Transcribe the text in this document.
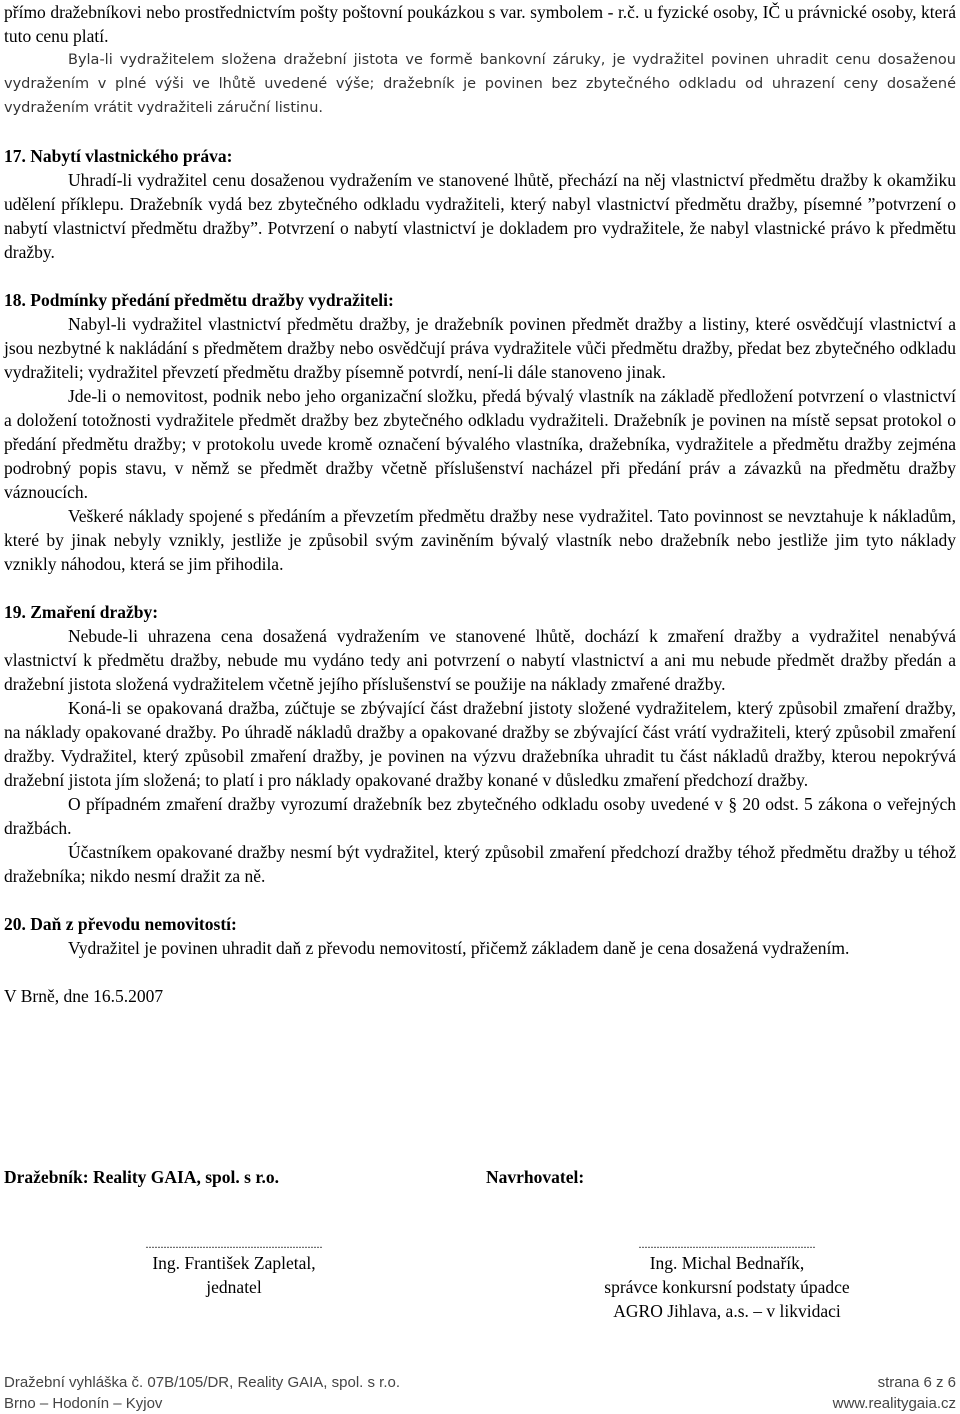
přímo dražebníkovi nebo prostřednictvím pošty poštovní poukázkou s var. symbolem - r.č. u fyzické osoby, IČ u právnické osoby, která tuto cenu platí.

Byla-li vydražitelem složena dražební jistota ve formě bankovní záruky, je vydražitel povinen uhradit cenu dosaženou vydražením v plné výši ve lhůtě uvedené výše; dražebník je povinen bez zbytečného odkladu od uhrazení ceny dosažené vydražením vrátit vydražiteli záruční listinu.

17. Nabytí vlastnického práva:

Uhradí-li vydražitel cenu dosaženou vydražením ve stanovené lhůtě, přechází na něj vlastnictví předmětu dražby k okamžiku udělení příklepu. Dražebník vydá bez zbytečného odkladu vydražiteli, který nabyl vlastnictví předmětu dražby, písemné ”potvrzení o nabytí vlastnictví předmětu dražby”. Potvrzení o nabytí vlastnictví je dokladem pro vydražitele, že nabyl vlastnické právo k předmětu dražby.

18. Podmínky předání předmětu dražby vydražiteli:

Nabyl-li vydražitel vlastnictví předmětu dražby, je dražebník povinen předmět dražby a listiny, které osvědčují vlastnictví a jsou nezbytné k nakládání s předmětem dražby nebo osvědčují práva vydražitele vůči předmětu dražby, předat bez zbytečného odkladu vydražiteli; vydražitel převzetí předmětu dražby písemně potvrdí, není-li dále stanoveno jinak.

Jde-li o nemovitost, podnik nebo jeho organizační složku, předá bývalý vlastník na základě předložení potvrzení o vlastnictví a doložení totožnosti vydražitele předmět dražby bez zbytečného odkladu vydražiteli. Dražebník je povinen na místě sepsat protokol o předání předmětu dražby; v protokolu uvede kromě označení bývalého vlastníka, dražebníka, vydražitele a předmětu dražby zejména podrobný popis stavu, v němž se předmět dražby včetně příslušenství nacházel při předání práv a závazků na předmětu dražby váznoucích.

Veškeré náklady spojené s předáním a převzetím předmětu dražby nese vydražitel. Tato povinnost se nevztahuje k nákladům, které by jinak nebyly vznikly, jestliže je způsobil svým zaviněním bývalý vlastník nebo dražebník nebo jestliže jim tyto náklady vznikly náhodou, která se jim přihodila.

19. Zmaření dražby:

Nebude-li uhrazena cena dosažená vydražením ve stanovené lhůtě, dochází k zmaření dražby a vydražitel nenabývá vlastnictví k předmětu dražby, nebude mu vydáno tedy ani potvrzení o nabytí vlastnictví a ani mu nebude předmět dražby předán a dražební jistota složená vydražitelem včetně jejího příslušenství se použije na náklady zmařené dražby.

Koná-li se opakovaná dražba, zúčtuje se zbývající část dražební jistoty složené vydražitelem, který způsobil zmaření dražby, na náklady opakované dražby. Po úhradě nákladů dražby a opakované dražby se zbývající část vrátí vydražiteli, který způsobil zmaření dražby. Vydražitel, který způsobil zmaření dražby, je povinen na výzvu dražebníka uhradit tu část nákladů dražby, kterou nepokrývá dražební jistota jím složená; to platí i pro náklady opakované dražby konané v důsledku zmaření předchozí dražby.

O případném zmaření dražby vyrozumí dražebník bez zbytečného odkladu osoby uvedené v § 20 odst. 5 zákona o veřejných dražbách.

Účastníkem opakované dražby nesmí být vydražitel, který způsobil zmaření předchozí dražby téhož předmětu dražby u téhož dražebníka; nikdo nesmí dražit za ně.

20. Daň z převodu nemovitostí:

Vydražitel je povinen uhradit daň z převodu nemovitostí, přičemž základem daně je cena dosažená vydražením.

V Brně, dne 16.5.2007
Dražebník: Reality GAIA, spol. s r.o.	Navrhovatel:
...........................................................
Ing. František Zapletal,
jednatel
...........................................................
Ing. Michal Bednařík,
správce konkursní podstaty úpadce
AGRO Jihlava, a.s. – v likvidaci
Dražební vyhláška č. 07B/105/DR, Reality GAIA, spol. s r.o.
Brno – Hodonín – Kyjov
strana 6 z 6
www.realitygaia.cz
